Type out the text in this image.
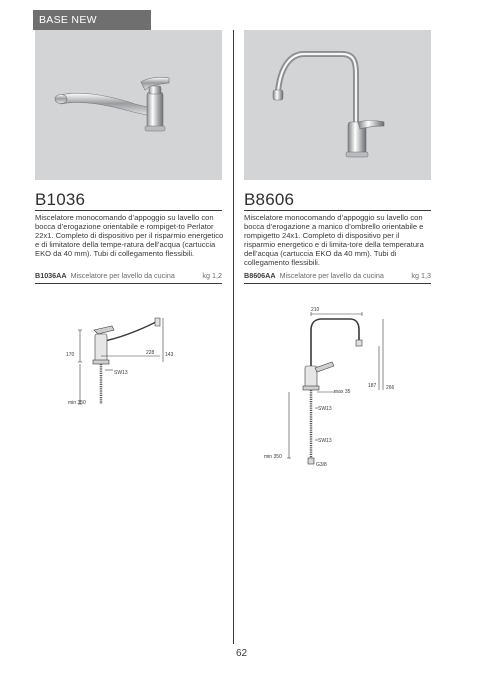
BASE NEW
B1036	B8606
Miscelatore monocomando d’appoggio su lavello con bocca d’erogazione orientabile e rompiget-to Perlator 22x1. Completo di dispositivo per il risparmio energetico e di limitatore della tempe-ratura dell’acqua (cartuccia EKO da 40 mm). Tubi di collegamento flessibili.
Miscelatore monocomando d’appoggio su lavello con bocca d’erogazione a manico d’ombrello orientabile e rompigetto 24x1. Completo di dispositivo per il risparmio energetico e di limita-tore della temperatura dell’acqua (cartuccia EKO da 40 mm). Tubi di collegamento flessibili.
B1036AA Miscelatore per lavello da cucina	kg 1,2	B8606AA Miscelatore per lavello da cucina	kg 1,3
170	228 143
SW13
min 350
210
max 35
187 266
SW13
SW13
min 350
G3/8
62
